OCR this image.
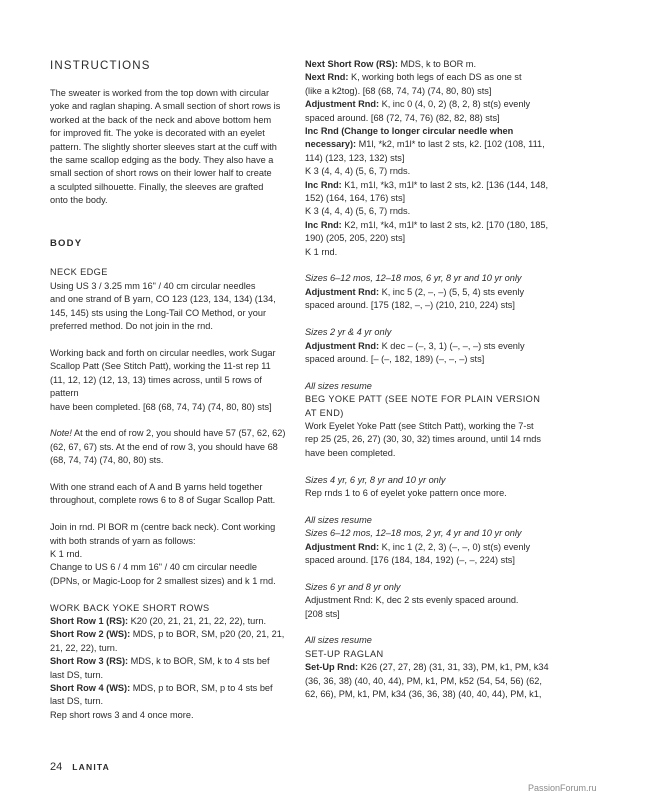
INSTRUCTIONS

The sweater is worked from the top down with circular
yoke and raglan shaping. A small section of short rows is
worked at the back of the neck and above bottom hem
for improved fit. The yoke is decorated with an eyelet
pattern. The slightly shorter sleeves start at the cuff with
the same scallop edging as the body. They also have a
small section of short rows on their lower half to create
a sculpted silhouette. Finally, the sleeves are grafted
onto the body.

BODY

NECK EDGE

Using US 3 / 3.25 mm 16" / 40 cm circular needles
and one strand of B yarn, CO 123 (123, 134, 134) (134,
145, 145) sts using the Long-Tail CO Method, or your
preferred method. Do not join in the rnd.

Working back and forth on circular needles, work Sugar
Scallop Patt (See Stitch Patt), working the 11-st rep 11
(11, 12, 12) (12, 13, 13) times across, until 5 rows of pattern
have been completed. [68 (68, 74, 74) (74, 80, 80) sts]

Note! At the end of row 2, you should have 57 (57, 62, 62)
(62, 67, 67) sts. At the end of row 3, you should have 68
(68, 74, 74) (74, 80, 80) sts.

With one strand each of A and B yarns held together
throughout, complete rows 6 to 8 of Sugar Scallop Patt.

Join in rnd. Pl BOR m (centre back neck). Cont working
with both strands of yarn as follows:
K 1 rnd.
Change to US 6 / 4 mm 16" / 40 cm circular needle
(DPNs, or Magic-Loop for 2 smallest sizes) and k 1 rnd.

WORK BACK YOKE SHORT ROWS

Short Row 1 (RS): K20 (20, 21, 21, 21, 22, 22), turn.

Short Row 2 (WS): MDS, p to BOR, SM, p20 (20, 21, 21,
21, 22, 22), turn.

Short Row 3 (RS): MDS, k to BOR, SM, k to 4 sts bef
last DS, turn.

Short Row 4 (WS): MDS, p to BOR, SM, p to 4 sts bef
last DS, turn.

Rep short rows 3 and 4 once more.

Next Short Row (RS): MDS, k to BOR m.

Next Rnd: K, working both legs of each DS as one st
(like a k2tog). [68 (68, 74, 74) (74, 80, 80) sts]

Adjustment Rnd: K, inc 0 (4, 0, 2) (8, 2, 8) st(s) evenly
spaced around. [68 (72, 74, 76) (82, 82, 88) sts]

Inc Rnd (Change to longer circular needle when
necessary): M1l, *k2, m1l* to last 2 sts, k2. [102 (108, 111,
114) (123, 123, 132) sts]
K 3 (4, 4, 4) (5, 6, 7) rnds.

Inc Rnd: K1, m1l, *k3, m1l* to last 2 sts, k2. [136 (144, 148,
152) (164, 164, 176) sts]
K 3 (4, 4, 4) (5, 6, 7) rnds.

Inc Rnd: K2, m1l, *k4, m1l* to last 2 sts, k2. [170 (180, 185,
190) (205, 205, 220) sts]
K 1 rnd.

Sizes 6–12 mos, 12–18 mos, 6 yr, 8 yr and 10 yr only

Adjustment Rnd: K, inc 5 (2, –, –) (5, 5, 4) sts evenly
spaced around. [175 (182, –, –) (210, 210, 224) sts]

Sizes 2 yr & 4 yr only

Adjustment Rnd: K dec – (–, 3, 1) (–, –, –) sts evenly
spaced around. [– (–, 182, 189) (–, –, –) sts]

All sizes resume

BEG YOKE PATT (SEE NOTE FOR PLAIN VERSION
AT END)

Work Eyelet Yoke Patt (see Stitch Patt), working the 7-st
rep 25 (25, 26, 27) (30, 30, 32) times around, until 14 rnds
have been completed.

Sizes 4 yr, 6 yr, 8 yr and 10 yr only

Rep rnds 1 to 6 of eyelet yoke pattern once more.

All sizes resume

Sizes 6–12 mos, 12–18 mos, 2 yr, 4 yr and 10 yr only

Adjustment Rnd: K, inc 1 (2, 2, 3) (–, –, 0) st(s) evenly
spaced around. [176 (184, 184, 192) (–, –, 224) sts]

Sizes 6 yr and 8 yr only

Adjustment Rnd: K, dec 2 sts evenly spaced around.
[208 sts]

All sizes resume

SET-UP RAGLAN

Set-Up Rnd: K26 (27, 27, 28) (31, 31, 33), PM, k1, PM, k34
(36, 36, 38) (40, 40, 44), PM, k1, PM, k52 (54, 54, 56) (62,
62, 66), PM, k1, PM, k34 (36, 36, 38) (40, 40, 44), PM, k1,

24 LANITA
PassionForum.ru
